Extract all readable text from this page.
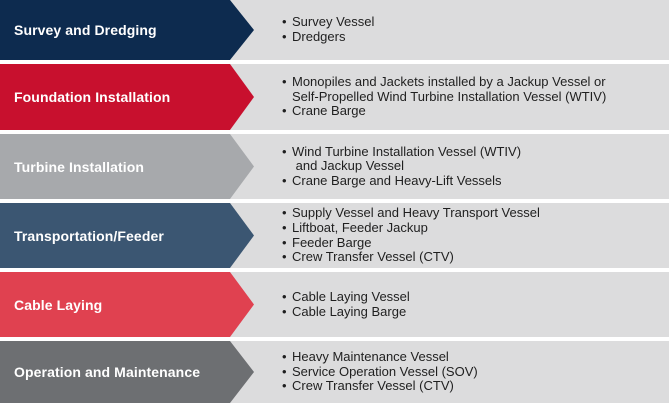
Survey and Dredging
• Survey Vessel
• Dredgers
Foundation Installation
• Monopiles and Jackets installed by a Jackup Vessel or
Self-Propelled Wind Turbine Installation Vessel (WTIV)
• Crane Barge
Turbine Installation
• Wind Turbine Installation Vessel (WTIV)
and Jackup Vessel
• Crane Barge and Heavy-Lift Vessels
Transportation/Feeder
• Supply Vessel and Heavy Transport Vessel
• Liftboat, Feeder Jackup
• Feeder Barge
• Crew Transfer Vessel (CTV)
Cable Laying
• Cable Laying Vessel
• Cable Laying Barge
Operation and Maintenance
• Heavy Maintenance Vessel
• Service Operation Vessel (SOV)
• Crew Transfer Vessel (CTV)
